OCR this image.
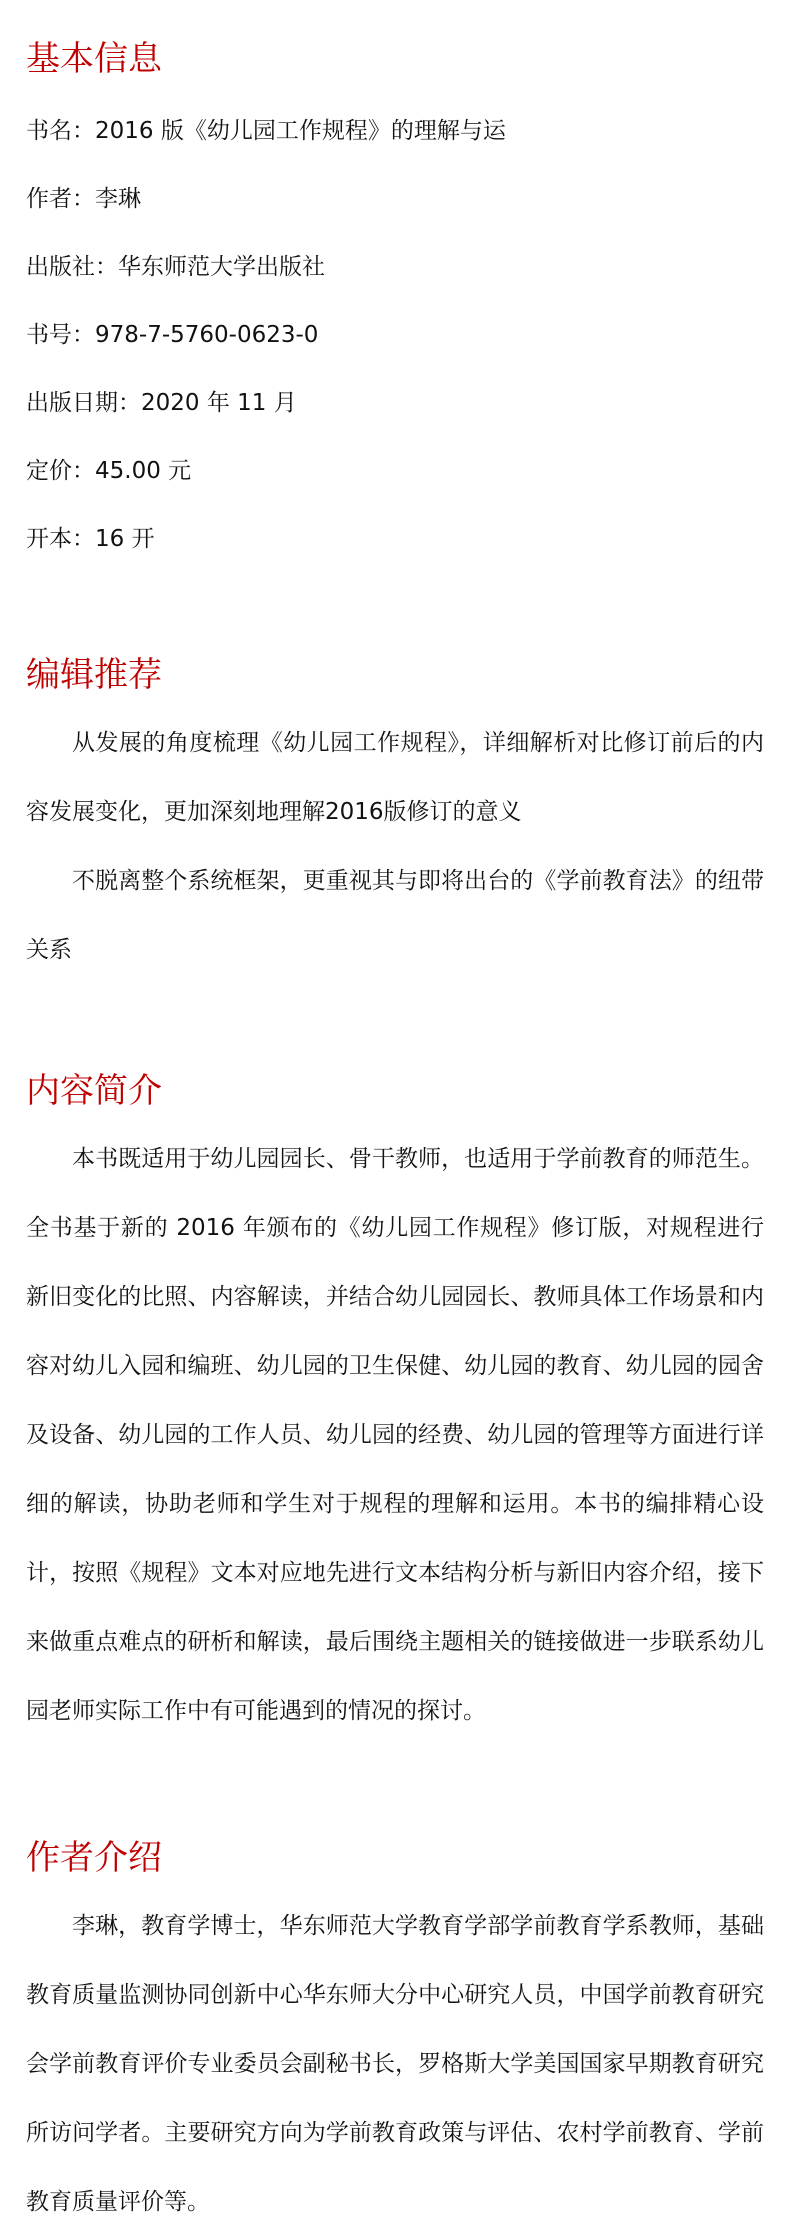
基本信息

书名：2016 版《幼儿园工作规程》的理解与运

作者：李琳

出版社：华东师范大学出版社

书号：978-7-5760-0623-0

出版日期：2020 年 11 月

定价：45.00 元

开本：16 开

编辑推荐

从发展的角度梳理《幼儿园工作规程》，详细解析对比修订前后的内容发展变化，更加深刻地理解2016版修订的意义

不脱离整个系统框架，更重视其与即将出台的《学前教育法》的纽带关系

内容简介

本书既适用于幼儿园园长、骨干教师，也适用于学前教育的师范生。全书基于新的 2016 年颁布的《幼儿园工作规程》修订版，对规程进行新旧变化的比照、内容解读，并结合幼儿园园长、教师具体工作场景和内容对幼儿入园和编班、幼儿园的卫生保健、幼儿园的教育、幼儿园的园舍及设备、幼儿园的工作人员、幼儿园的经费、幼儿园的管理等方面进行详细的解读，协助老师和学生对于规程的理解和运用。本书的编排精心设计，按照《规程》文本对应地先进行文本结构分析与新旧内容介绍，接下来做重点难点的研析和解读，最后围绕主题相关的链接做进一步联系幼儿园老师实际工作中有可能遇到的情况的探讨。

作者介绍

李琳，教育学博士，华东师范大学教育学部学前教育学系教师，基础教育质量监测协同创新中心华东师大分中心研究人员，中国学前教育研究会学前教育评价专业委员会副秘书长，罗格斯大学美国国家早期教育研究所访问学者。主要研究方向为学前教育政策与评估、农村学前教育、学前教育质量评价等。
